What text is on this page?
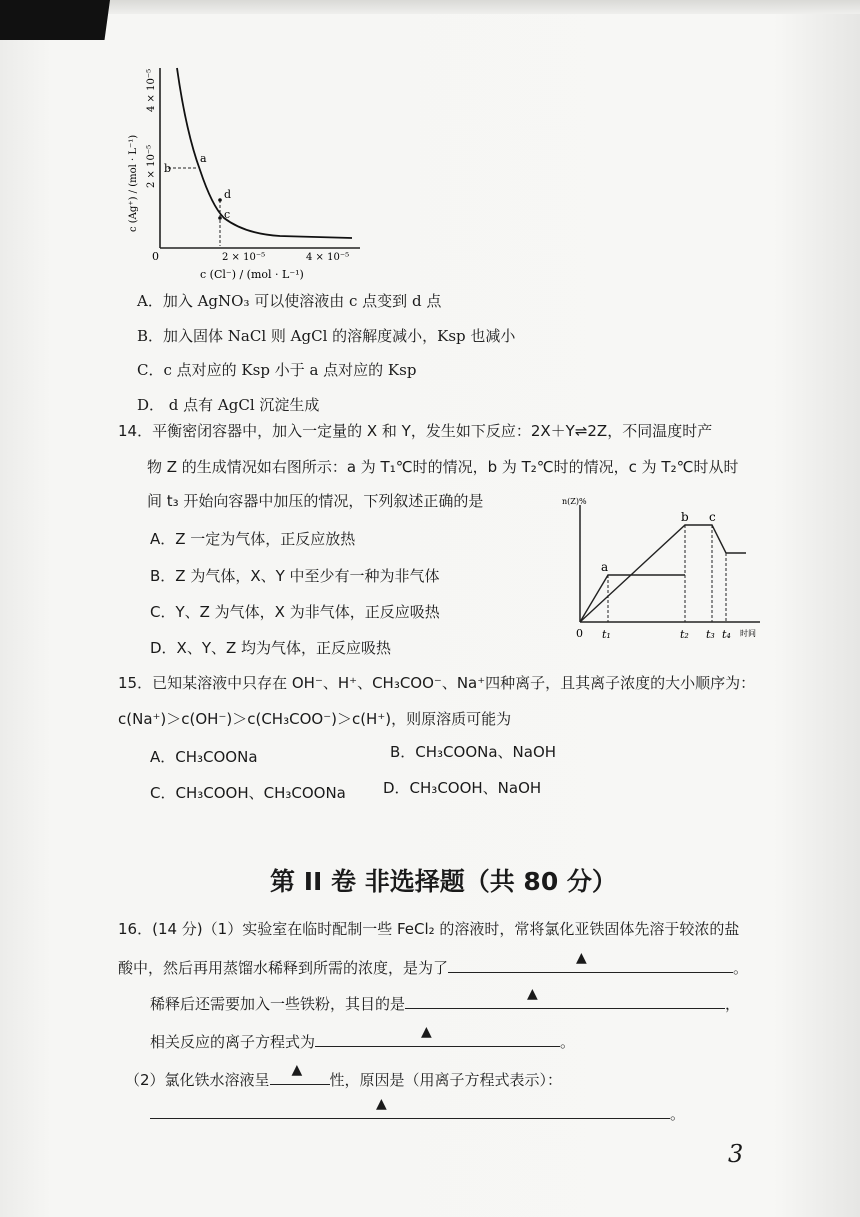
b
a
d
c
0	2 × 10⁻⁵	4 × 10⁻⁵
4 × 10⁻⁵
2 × 10⁻⁵
c (Ag⁺) / (mol · L⁻¹)
c (Cl⁻) / (mol · L⁻¹)
A．加入 AgNO₃ 可以使溶液由 c 点变到 d 点
B．加入固体 NaCl 则 AgCl 的溶解度减小，Ksp 也减小
C．c 点对应的 Ksp 小于 a 点对应的 Ksp
D． d 点有 AgCl 沉淀生成
14．平衡密闭容器中，加入一定量的 X 和 Y，发生如下反应：2X＋Y⇌2Z，不同温度时产
物 Z 的生成情况如右图所示：a 为 T₁℃时的情况，b 为 T₂℃时的情况，c 为 T₂℃时从时
间 t₃ 开始向容器中加压的情况，下列叙述正确的是
A．Z 一定为气体，正反应放热
B．Z 为气体，X、Y 中至少有一种为非气体
C．Y、Z 为气体，X 为非气体，正反应吸热
D．X、Y、Z 均为气体，正反应吸热
n(Z)%
a
b c
0 t₁	t₂ t₃ t₄ 时间
15．已知某溶液中只存在 OH⁻、H⁺、CH₃COO⁻、Na⁺四种离子，且其离子浓度的大小顺序为：
c(Na⁺)＞c(OH⁻)＞c(CH₃COO⁻)＞c(H⁺)，则原溶质可能为
A．CH₃COONa	B．CH₃COONa、NaOH
C．CH₃COOH、CH₃COONa D．CH₃COOH、NaOH
第 II 卷 非选择题（共 80 分）
16．(14 分)（1）实验室在临时配制一些 FeCl₂ 的溶液时，常将氯化亚铁固体先溶于较浓的盐
酸中，然后再用蒸馏水稀释到所需的浓度，是为了
▲
。
稀释后还需要加入一些铁粉，其目的是
▲
，
相关反应的离子方程式为
▲
。
（2）氯化铁水溶液呈
▲
性，原因是（用离子方程式表示）：
▲
。
3
